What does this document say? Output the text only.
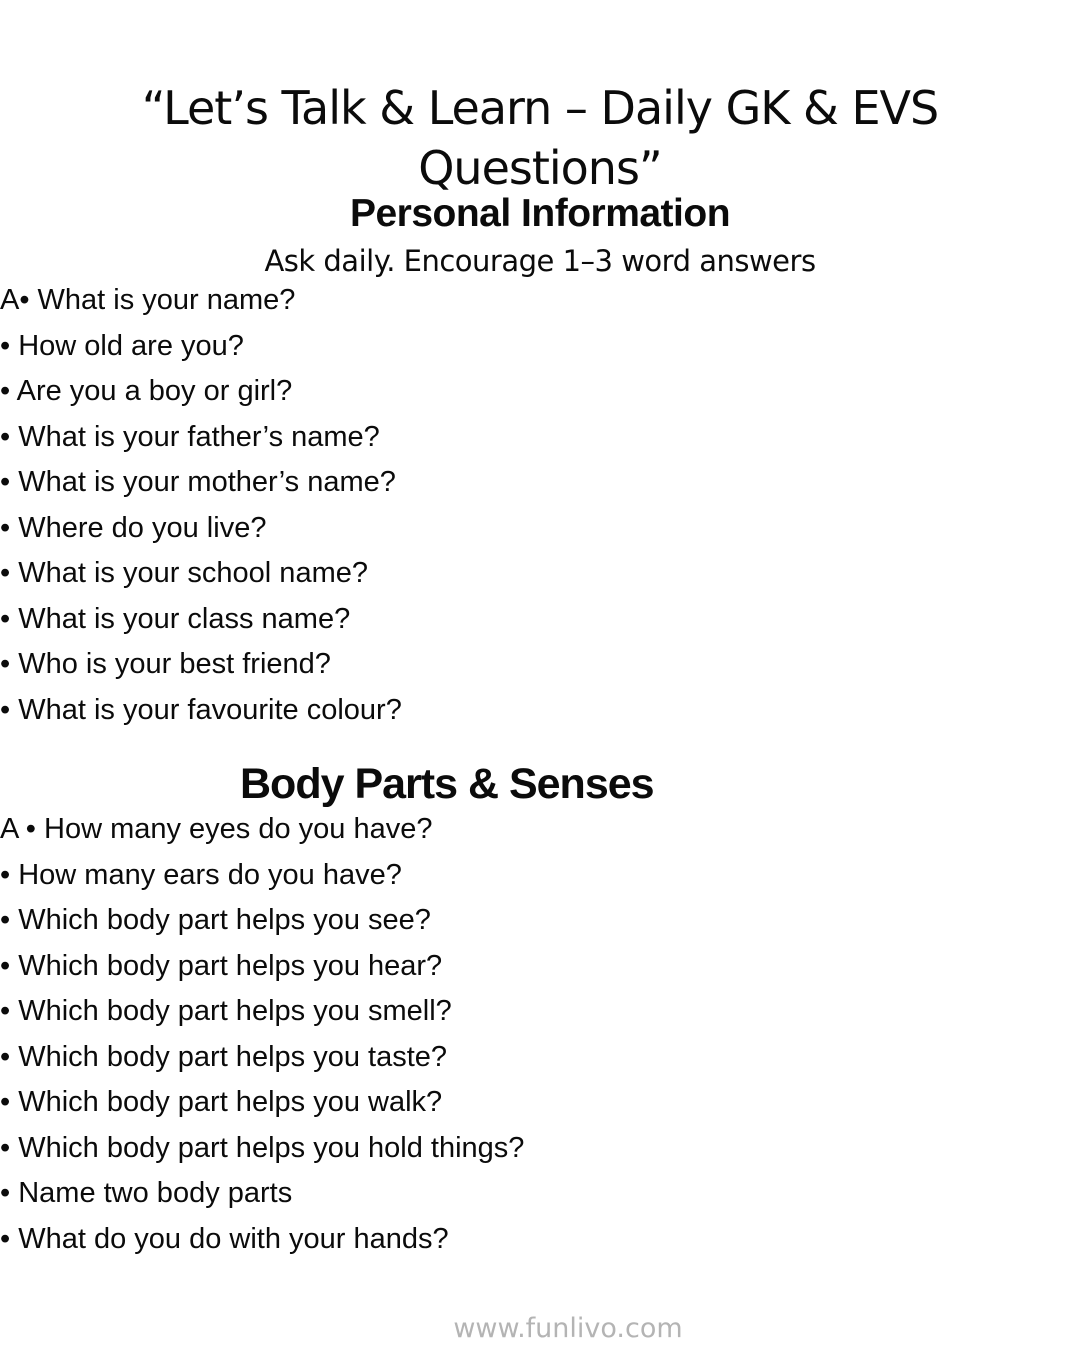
“Let’s Talk & Learn – Daily GK & EVS
Questions”
Personal Information

Ask daily. Encourage 1–3 word answers

A• What is your name?
• How old are you?
• Are you a boy or girl?
• What is your father’s name?
• What is your mother’s name?
• Where do you live?
• What is your school name?
• What is your class name?
• Who is your best friend?
• What is your favourite colour?
Body Parts & Senses
A • How many eyes do you have?
• How many ears do you have?
• Which body part helps you see?
• Which body part helps you hear?
• Which body part helps you smell?
• Which body part helps you taste?
• Which body part helps you walk?
• Which body part helps you hold things?
• Name two body parts
• What do you do with your hands?
www.funlivo.com
